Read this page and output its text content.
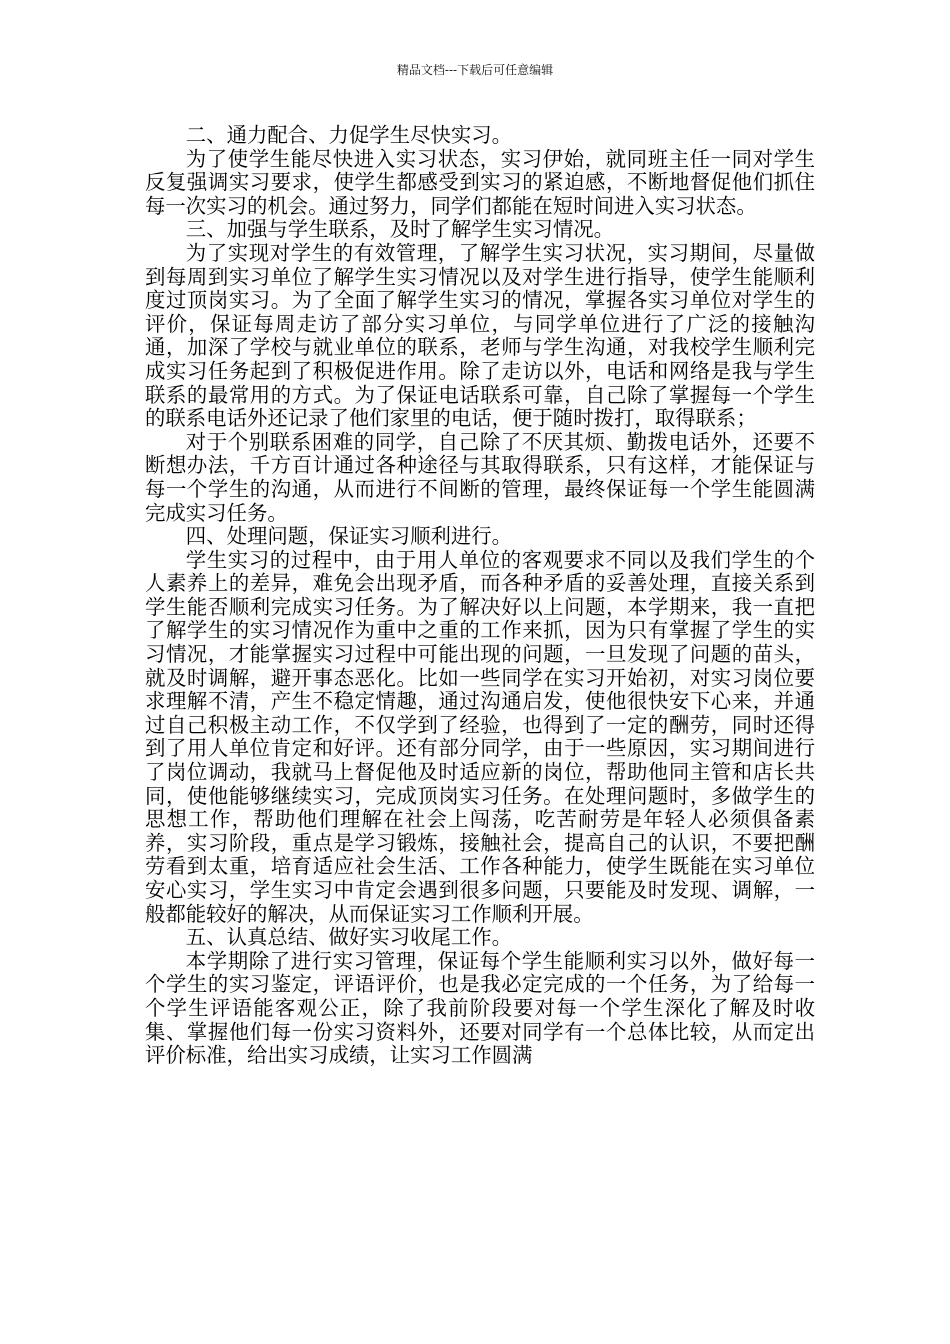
精品文档---下载后可任意编辑

二、通力配合、力促学生尽快实习。

为了使学生能尽快进入实习状态，实习伊始，就同班主任一同对学生反复强调实习要求，使学生都感受到实习的紧迫感，不断地督促他们抓住每一次实习的机会。通过努力，同学们都能在短时间进入实习状态。

三、加强与学生联系，及时了解学生实习情况。

为了实现对学生的有效管理，了解学生实习状况，实习期间，尽量做到每周到实习单位了解学生实习情况以及对学生进行指导，使学生能顺利度过顶岗实习。为了全面了解学生实习的情况，掌握各实习单位对学生的评价，保证每周走访了部分实习单位，与同学单位进行了广泛的接触沟通，加深了学校与就业单位的联系，老师与学生沟通，对我校学生顺利完成实习任务起到了积极促进作用。除了走访以外，电话和网络是我与学生联系的最常用的方式。为了保证电话联系可靠，自己除了掌握每一个学生的联系电话外还记录了他们家里的电话，便于随时拨打，取得联系；

对于个别联系困难的同学，自己除了不厌其烦、勤拨电话外，还要不断想办法，千方百计通过各种途径与其取得联系，只有这样，才能保证与每一个学生的沟通，从而进行不间断的管理，最终保证每一个学生能圆满完成实习任务。

四、处理问题，保证实习顺利进行。

学生实习的过程中，由于用人单位的客观要求不同以及我们学生的个人素养上的差异，难免会出现矛盾，而各种矛盾的妥善处理，直接关系到学生能否顺利完成实习任务。为了解决好以上问题，本学期来，我一直把了解学生的实习情况作为重中之重的工作来抓，因为只有掌握了学生的实习情况，才能掌握实习过程中可能出现的问题，一旦发现了问题的苗头，就及时调解，避开事态恶化。比如一些同学在实习开始初，对实习岗位要求理解不清，产生不稳定情趣，通过沟通启发，使他很快安下心来，并通过自己积极主动工作，不仅学到了经验，也得到了一定的酬劳，同时还得到了用人单位肯定和好评。还有部分同学，由于一些原因，实习期间进行了岗位调动，我就马上督促他及时适应新的岗位，帮助他同主管和店长共同，使他能够继续实习，完成顶岗实习任务。在处理问题时，多做学生的思想工作，帮助他们理解在社会上闯荡，吃苦耐劳是年轻人必须俱备素养，实习阶段，重点是学习锻炼，接触社会，提高自己的认识，不要把酬劳看到太重，培育适应社会生活、工作各种能力，使学生既能在实习单位安心实习，学生实习中肯定会遇到很多问题，只要能及时发现、调解，一般都能较好的解决，从而保证实习工作顺利开展。

五、认真总结、做好实习收尾工作。

本学期除了进行实习管理，保证每个学生能顺利实习以外，做好每一个学生的实习鉴定，评语评价，也是我必定完成的一个任务，为了给每一个学生评语能客观公正，除了我前阶段要对每一个学生深化了解及时收集、掌握他们每一份实习资料外，还要对同学有一个总体比较，从而定出评价标准，给出实习成绩，让实习工作圆满
